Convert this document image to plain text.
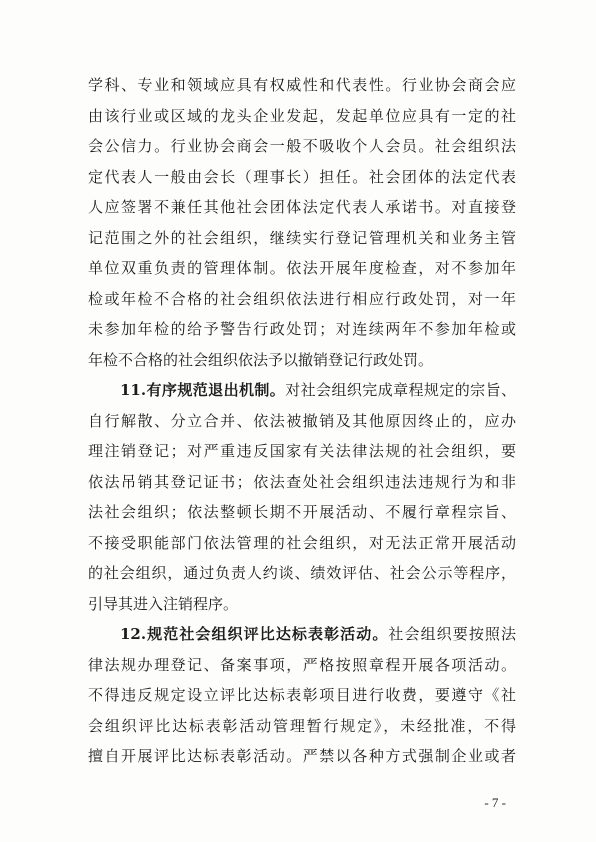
学科、专业和领域应具有权威性和代表性。行业协会商会应
由该行业或区域的龙头企业发起，发起单位应具有一定的社
会公信力。行业协会商会一般不吸收个人会员。社会组织法
定代表人一般由会长（理事长）担任。社会团体的法定代表
人应签署不兼任其他社会团体法定代表人承诺书。对直接登
记范围之外的社会组织，继续实行登记管理机关和业务主管
单位双重负责的管理体制。依法开展年度检查，对不参加年
检或年检不合格的社会组织依法进行相应行政处罚，对一年
未参加年检的给予警告行政处罚；对连续两年不参加年检或
年检不合格的社会组织依法予以撤销登记行政处罚。
11.有序规范退出机制。对社会组织完成章程规定的宗旨、
自行解散、分立合并、依法被撤销及其他原因终止的，应办
理注销登记；对严重违反国家有关法律法规的社会组织，要
依法吊销其登记证书；依法查处社会组织违法违规行为和非
法社会组织；依法整顿长期不开展活动、不履行章程宗旨、
不接受职能部门依法管理的社会组织，对无法正常开展活动
的社会组织，通过负责人约谈、绩效评估、社会公示等程序，
引导其进入注销程序。
12.规范社会组织评比达标表彰活动。社会组织要按照法
律法规办理登记、备案事项，严格按照章程开展各项活动。
不得违反规定设立评比达标表彰项目进行收费，要遵守《社
会组织评比达标表彰活动管理暂行规定》，未经批准，不得
擅自开展评比达标表彰活动。严禁以各种方式强制企业或者
- 7 -
